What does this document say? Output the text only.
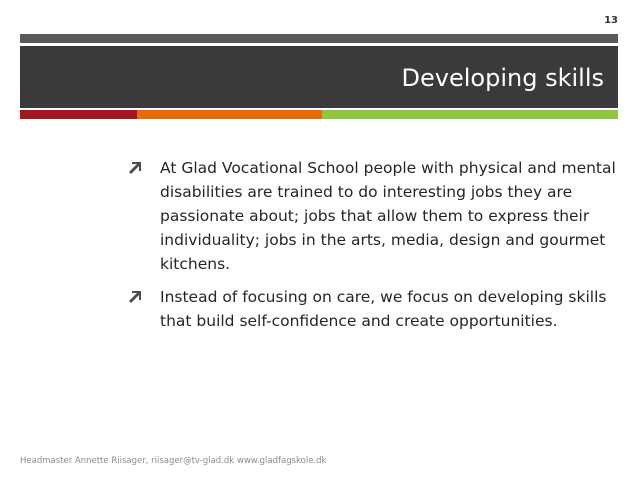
13
Developing skills
At Glad Vocational School people with physical and mental disabilities are trained to do interesting jobs they are passionate about; jobs that allow them to express their individuality; jobs in the arts, media, design and gourmet kitchens.
Instead of focusing on care, we focus on developing skills that build self-confidence and create opportunities.
Headmaster Annette Riisager, riisager@tv-glad.dk www.gladfagskole.dk
